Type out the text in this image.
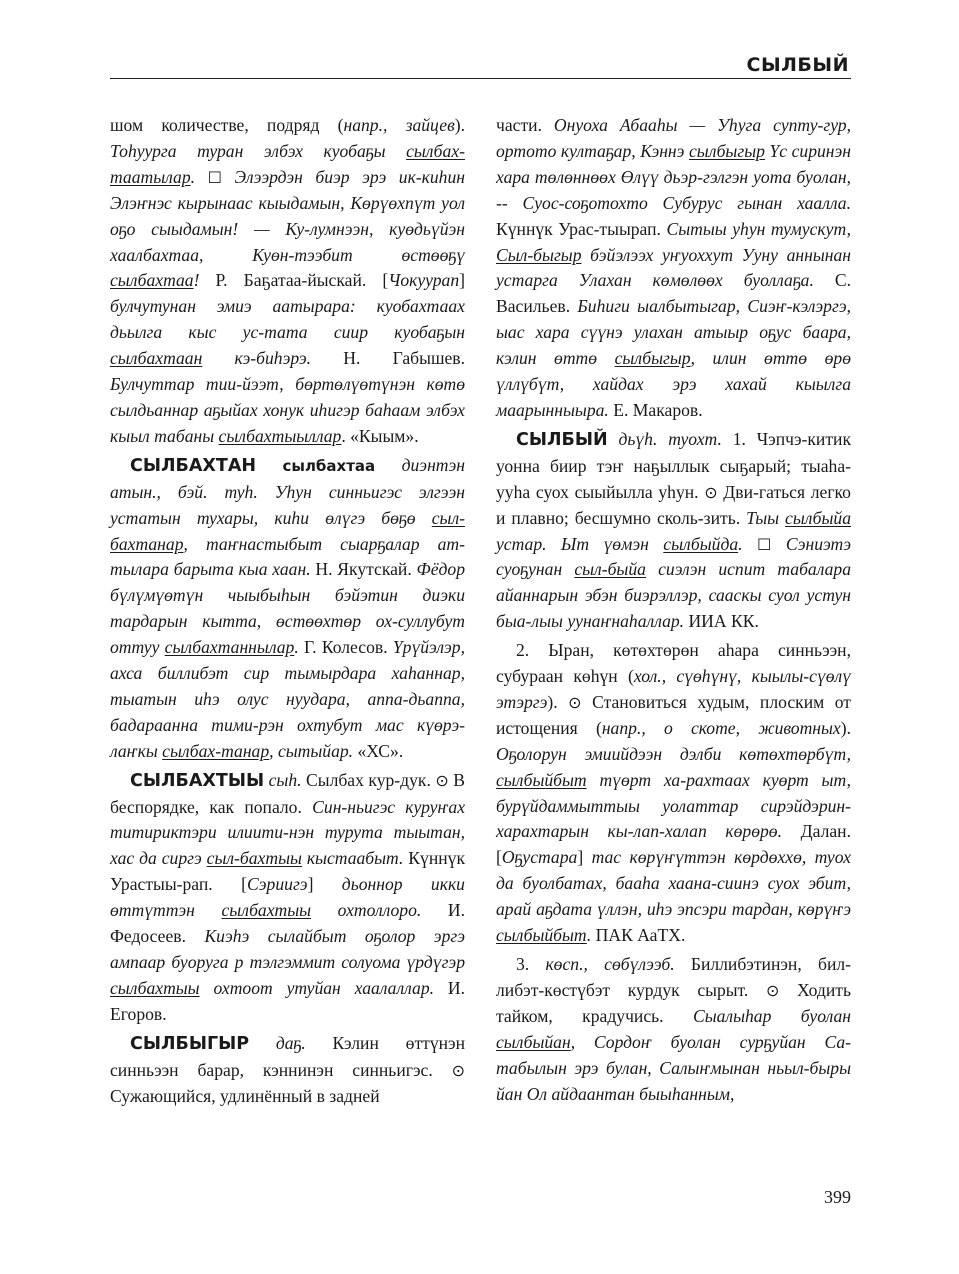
СЫЛБЫЙ

шом количестве, подряд (напр., зайцев). Тоһуурга туран элбэх куобаҕы сылбах-таатылар. ☐ Элээрдэн биэр эрэ ик-киһин Элэҥнэс кырынаас кыыдамын, Көрүөхпүт уол оҕо сыыдамын! — Ку-лумнээн, куөдьүйэн хаалбахтаа, Куөн-тээбит өстөөҕү сылбахтаа! Р. Баҕатаа-йыскай. [Чокуурап] булчутунан эмиэ аатырара: куобахтааx дьылга кыс ус-тата сиир куобаҕын сылбахтаан кэ-биһэрэ. Н. Габышев. Булчуттар тии-йээт, бөртөлүөтүнэн көтө сылдьаннар аҕыйах хонук иһигэр баһаам элбэх кыыл табаны сылбахтыыллар. «Кыым».

СЫЛБАХТАН сылбахтаа диэнтэн атын., бэй. туһ. Уһун синньигэс элгээн устатын тухары, киһи өлүгэ бөҕө сыл-бахтанар, таҥнастыбыт сыарҕалар ат-тылара барыта кыа хаан. Н. Якутскай. Фёдор бүлүмүөтүн чыыбыһын бэйэтин диэки тардарын кытта, өстөөхтөр ох-суллубут оттуу сылбахтаннылар. Г. Колесов. Үрүйэлэр, ахса биллибэт сир тымырдара хаһаннар, тыатын иһэ олус нуудара, аппа-дьаппа, бадараанна тими-рэн охтубут мас күөрэ-лаҥкы сылбах-танар, сытыйар. «ХС».

СЫЛБАХТЫЫ сыһ. Сылбах кур-дук. ⊙ В беспорядке, как попало. Син-ньигэс куруҥах титириктэри илиити-нэн турута тыытан, хас да сиргэ сыл-бахтыы кыстаабыт. Күннүк Урастыы-рап. [Сэриигэ] дьоннор икки өттүттэн сылбахтыы охтоллоро. И. Федосеев. Киэһэ сылайбыт оҕолор эргэ ампаар буоруга р тэлгэммит солуома үрдүгэр сылбахтыы охтоот утуйан хаалаллар. И. Егоров.

СЫЛБЫГЫР даҕ. Кэлин өттүнэн синньээн барар, кэннинэн синньигэс. ⊙ Сужающийся, удлинённый в задней

части. Онуоха Абааһы — Уһуга супту-гур, ортото култаҕар, Кэннэ сылбыгыр Үс сиринэн хара төлөннөөх Өлүү дьэр-гэлгэн уота буолан, -- Суос-соҕотохто Субурус гынан хаалла. Күннүк Урас-тыырап. Сытыы уһун тумускут, Сыл-быгыр бэйэлээх уҥуоххут Ууну аннынан устарга Улахан көмөлөөх буоллаҕа. С. Васильев. Биһиги ыалбытыгар, Сиэҥ-кэлэргэ, ыас хара сүүнэ улахан атыыр оҕус баара, кэлин өттө сылбыгыр, илин өттө өрө үллүбүт, хайдах эрэ хахай кыылга маарынныыра. Е. Макаров.

СЫЛБЫЙ дьүһ. туохт. 1. Чэпчэ-китик уонна биир тэҥ наҕыллык сыҕарый; тыаһа-ууһа суох сыыйылла уһун. ⊙ Дви-гаться легко и плавно; бесшумно сколь-зить. Тыы сылбыйа устар. Ыт үөмэн сылбыйда. ☐ Сэниэтэ суоҕунан сыл-быйа сиэлэн испит табалара айаннарын эбэн биэрэллэр, сааскы суол устун быа-лыы уунаҥнаһаллар. ИИА КК.

2. Ыран, көтөхтөрөн аһара синньээн, субураан көһүн (хол., сүөһүнү, кыылы-сүөлү этэргэ). ⊙ Становиться худым, плоским от истощения (напр., о скоте, животных). Оҕолорун эмиийдээн дэлби көтөхтөрбүт, сылбыйбыт түөрт ха-рахтааx куөрт ыт, бурүйдаммыттыы уолаттар сирэйдэрин-харахтарын кы-лап-халап көрөрө. Далан. [Оҕустара] тас көрүҥүттэн көрдөххө, туох да буолбатах, бааһа хаана-сиинэ суох эбит, арай аҕдата үллэн, иһэ эпсэри тардан, көрүҥэ сылбыйбыт. ПАК АаТХ.

3. көсп., сөбүлээб. Биллибэтинэн, бил-либэт-көстүбэт курдук сырыт. ⊙ Ходить тайком, крадучись. Сыалыһар буолан сылбыйан, Сордоҥ буолан сурҕуйан Са-табылын эрэ булан, Салыҥмынан ньыл-быры йан Ол айдаантан быыһанным,

399
